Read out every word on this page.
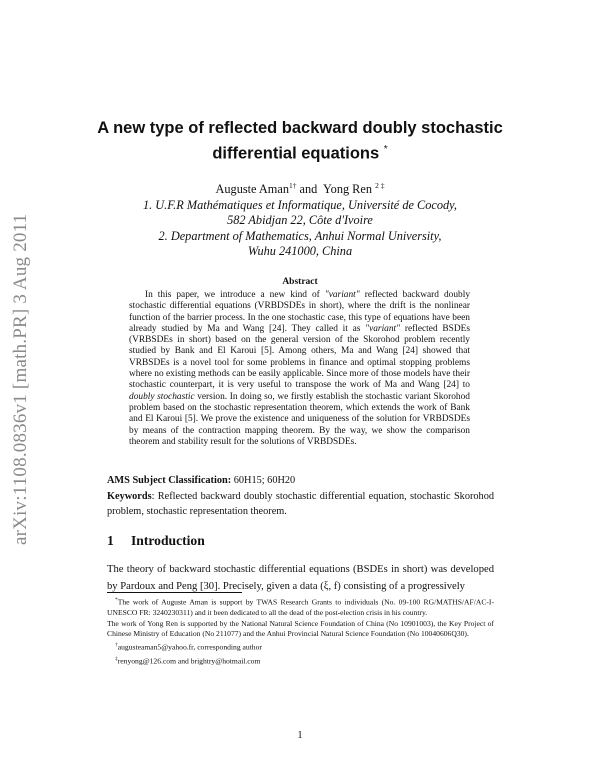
arXiv:1108.0836v1 [math.PR] 3 Aug 2011
A new type of reflected backward doubly stochastic
differential equations *
Auguste Aman$^{1\dagger}$ and Yong Ren $^{2 \ddagger}$
1. U.F.R Mathématiques et Informatique, Université de Cocody,
582 Abidjan 22, Côte d'Ivoire
2. Department of Mathematics, Anhui Normal University,
Wuhu 241000, China
Abstract

In this paper, we introduce a new kind of "variant" reflected backward doubly stochastic differential equations (VRBDSDEs in short), where the drift is the nonlinear function of the barrier process. In the one stochastic case, this type of equations have been already studied by Ma and Wang [24]. They called it as "variant" reflected BSDEs (VRBSDEs in short) based on the general version of the Skorohod problem recently studied by Bank and El Karoui [5]. Among others, Ma and Wang [24] showed that VRBSDEs is a novel tool for some problems in finance and optimal stopping problems where no existing methods can be easily applicable. Since more of those models have their stochastic counterpart, it is very useful to transpose the work of Ma and Wang [24] to doubly stochastic version. In doing so, we firstly establish the stochastic variant Skorohod problem based on the stochastic representation theorem, which extends the work of Bank and El Karoui [5]. We prove the existence and uniqueness of the solution for VRBDSDEs by means of the contraction mapping theorem. By the way, we show the comparison theorem and stability result for the solutions of VRBDSDEs.

AMS Subject Classification: 60H15; 60H20
Keywords: Reflected backward doubly stochastic differential equation, stochastic Skorohod problem, stochastic representation theorem.
1 Introduction
The theory of backward stochastic differential equations (BSDEs in short) was developed by Pardoux and Peng [30]. Precisely, given a data (ξ, f) consisting of a progressively

*The work of Auguste Aman is support by TWAS Research Grants to individuals (No. 09-100 RG/MATHS/AF/AC-I- UNESCO FR: 3240230311) and it been dedicated to all the dead of the post-election crisis in his country.

The work of Yong Ren is supported by the National Natural Science Foundation of China (No 10901003), the Key Project of Chinese Ministry of Education (No 211077) and the Anhui Provincial Natural Science Foundation (No 10040606Q30).

†augusteaman5@yahoo.fr, corresponding author

‡renyong@126.com and brightry@hotmail.com

1
